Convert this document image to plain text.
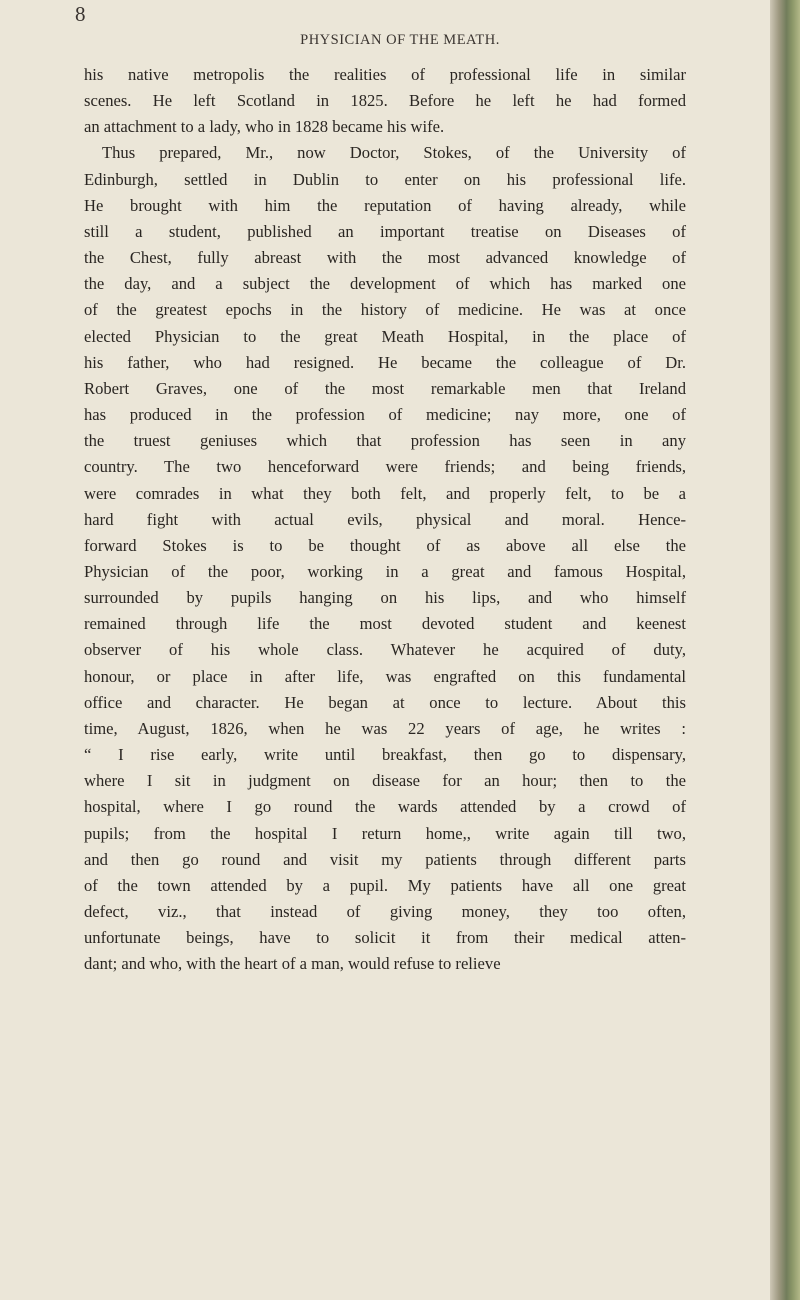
8
PHYSICIAN OF THE MEATH.
his native metropolis the realities of professional life in similar
scenes. He left Scotland in 1825. Before he left he had formed
an attachment to a lady, who in 1828 became his wife.
Thus prepared, Mr., now Doctor, Stokes, of the University of
Edinburgh, settled in Dublin to enter on his professional life.
He brought with him the reputation of having already, while
still a student, published an important treatise on Diseases of
the Chest, fully abreast with the most advanced knowledge of
the day, and a subject the development of which has marked one
of the greatest epochs in the history of medicine. He was at once
elected Physician to the great Meath Hospital, in the place of
his father, who had resigned. He became the colleague of Dr.
Robert Graves, one of the most remarkable men that Ireland
has produced in the profession of medicine; nay more, one of
the truest geniuses which that profession has seen in any
country. The two henceforward were friends; and being friends,
were comrades in what they both felt, and properly felt, to be a
hard fight with actual evils, physical and moral. Hence-
forward Stokes is to be thought of as above all else the
Physician of the poor, working in a great and famous Hospital,
surrounded by pupils hanging on his lips, and who himself
remained through life the most devoted student and keenest
observer of his whole class. Whatever he acquired of duty,
honour, or place in after life, was engrafted on this fundamental
office and character. He began at once to lecture. About this
time, August, 1826, when he was 22 years of age, he writes :
“ I rise early, write until breakfast, then go to dispensary,
where I sit in judgment on disease for an hour; then to the
hospital, where I go round the wards attended by a crowd of
pupils; from the hospital I return home,, write again till two,
and then go round and visit my patients through different parts
of the town attended by a pupil. My patients have all one great
defect, viz., that instead of giving money, they too often,
unfortunate beings, have to solicit it from their medical atten-
dant; and who, with the heart of a man, would refuse to relieve
